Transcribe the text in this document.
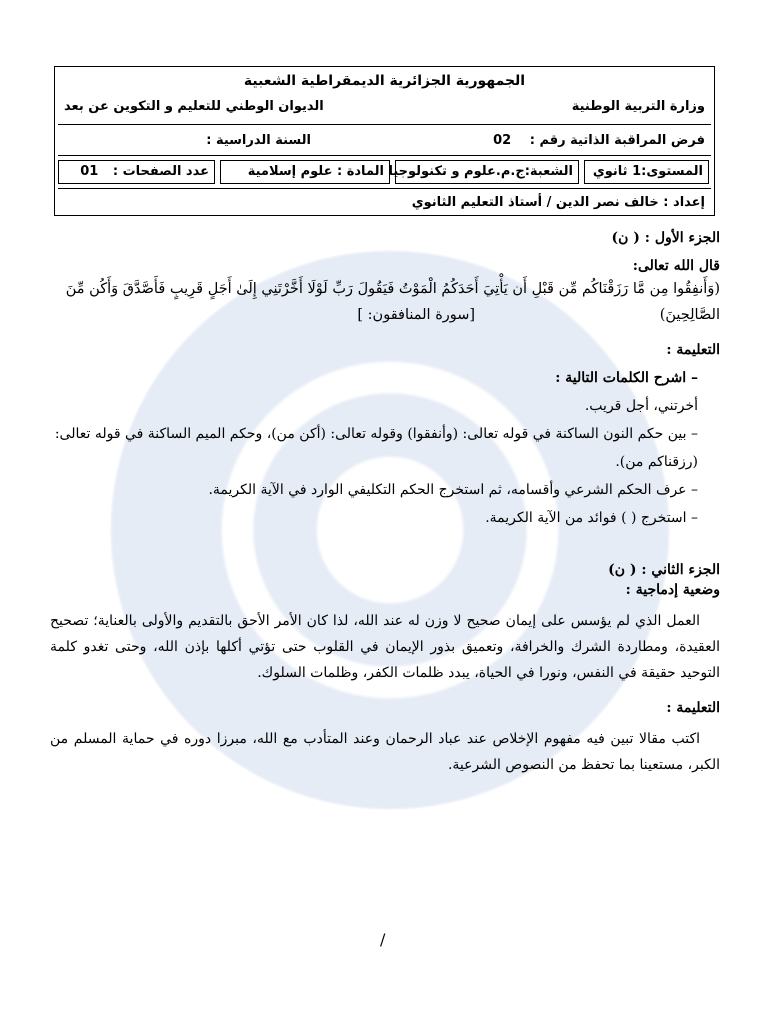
الجمهورية الجزائرية الديمقراطية الشعبية
وزارة التربية الوطنية
الديوان الوطني للتعليم و التكوين عن بعد
فرض المراقبة الذاتية رقم : 02
السنة الدراسية :
المستوى:1 ثانوي
الشعبة:ج.م.علوم و تكنولوجيا
المادة : علوم إسلامية
عدد الصفحات : 01
إعداد : خالف نصر الدين / أستاذ التعليم الثانوي

الجزء الأول : ( ن)

قال الله تعالى:

(وَأَنفِقُوا مِن مَّا رَزَقْنَاكُم مِّن قَبْلِ أَن يَأْتِيَ أَحَدَكُمُ الْمَوْتُ فَيَقُولَ رَبِّ لَوْلَا أَخَّرْتَنِي إِلَىٰ أَجَلٍ قَرِيبٍ فَأَصَّدَّقَ وَأَكُن مِّنَ

الصَّالِحِينَ) [سورة المنافقون: ]

التعليمة :

– اشرح الكلمات التالية :

أخرتني، أجل قريب.

– بين حكم النون الساكنة في قوله تعالى: (وأنفقوا) وقوله تعالى: (أكن من)، وحكم الميم الساكنة في قوله تعالى:

(رزقناكم من).

– عرف الحكم الشرعي وأقسامه، ثم استخرج الحكم التكليفي الوارد في الآية الكريمة.

– استخرج ( ) فوائد من الآية الكريمة.

الجزء الثاني : ( ن)

وضعية إدماجية :

العمل الذي لم يؤسس على إيمان صحيح لا وزن له عند الله، لذا كان الأمر الأحق بالتقديم والأولى بالعناية؛ تصحيح العقيدة، ومطاردة الشرك والخرافة، وتعميق بذور الإيمان في القلوب حتى تؤتي أكلها بإذن الله، وحتى تغدو كلمة التوحيد حقيقة في النفس، ونورا في الحياة، يبدد ظلمات الكفر، وظلمات السلوك.

التعليمة :

اكتب مقالا تبين فيه مفهوم الإخلاص عند عباد الرحمان وعند المتأدب مع الله، مبرزا دوره في حماية المسلم من الكبر، مستعينا بما تحفظ من النصوص الشرعية.

/
